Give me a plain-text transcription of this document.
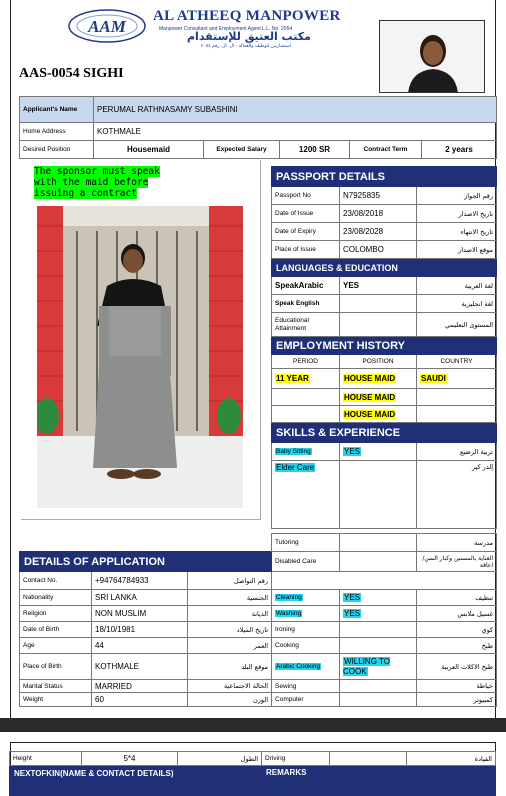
AAM
AL ATHEEQ MANPOWER
Manpower Consultant and Employment Agent L.L. No. 2054
مكتب العتيق للإستقدام
استشاريين لتوظيف والعمالة - ال. ال. رقم ٢٠٥٤
AAS-0054 SIGHI
Applicant's Name	PERUMAL RATHNASAMY SUBASHINI				
Home Address	KOTHMALE				
Desired Position	Housemaid	Expected Salary	1200 SR	Contract Term	2 years
The sponsor must speak with the maid before issuing a contract
PASSPORT DETAILS		
Passport No	N7925835	رقم الجواز
Date of Issue	23/08/2018	تاريخ الاصدار
Date of Expiry	23/08/2028	تاريخ الانتهاء
Place of Issue	COLOMBO	موقع الاصدار
LANGUAGES & EDUCATION		
SpeakArabic	YES	لغة العربية
Speak English		لغة انجليزية
Educational Attainment		المستوى التعليمي
EMPLOYMENT HISTORY		
PERIOD	POSITION	COUNTRY
11 YEAR	HOUSE MAID	SAUDI
	HOUSE MAID	
	HOUSE MAID	
SKILLS & EXPERIENCE		
Baby Sitting	YES	تربية الرضيع
Elder Care		إلدر كير
			Tutoring		مدرسة
DETAILS OF APPLICATION			Disabled Care		العناية بالمسنين وكبار السن/ اعاقة
Contact No.	+94764784933	رقم التواصل			
Nationality	SRI LANKA	الجنسية	Cleaning	YES	تنظيف
Religion	NON MUSLIM	الديانة	Washing	YES	غسيل ملابس
Date of Birth	18/10/1981	تاريخ الميلاد	Ironing		كوي
Age	44	العمر	Cooking		طبخ
Place of Birth	KOTHMALE	موقع البلد	Arabic Cooking	WILLING TO COOK	طبخ الاكلات العربية
Marital Status	MARRIED	الحالة الاجتماعية	Sewing		خياطة
Weight	60	الوزن	Computer		كمبيوتر
Height	5*4	الطول	Driving		القيادة
NEXTOFKIN(NAME & CONTACT DETAILS)			REMARKS		
